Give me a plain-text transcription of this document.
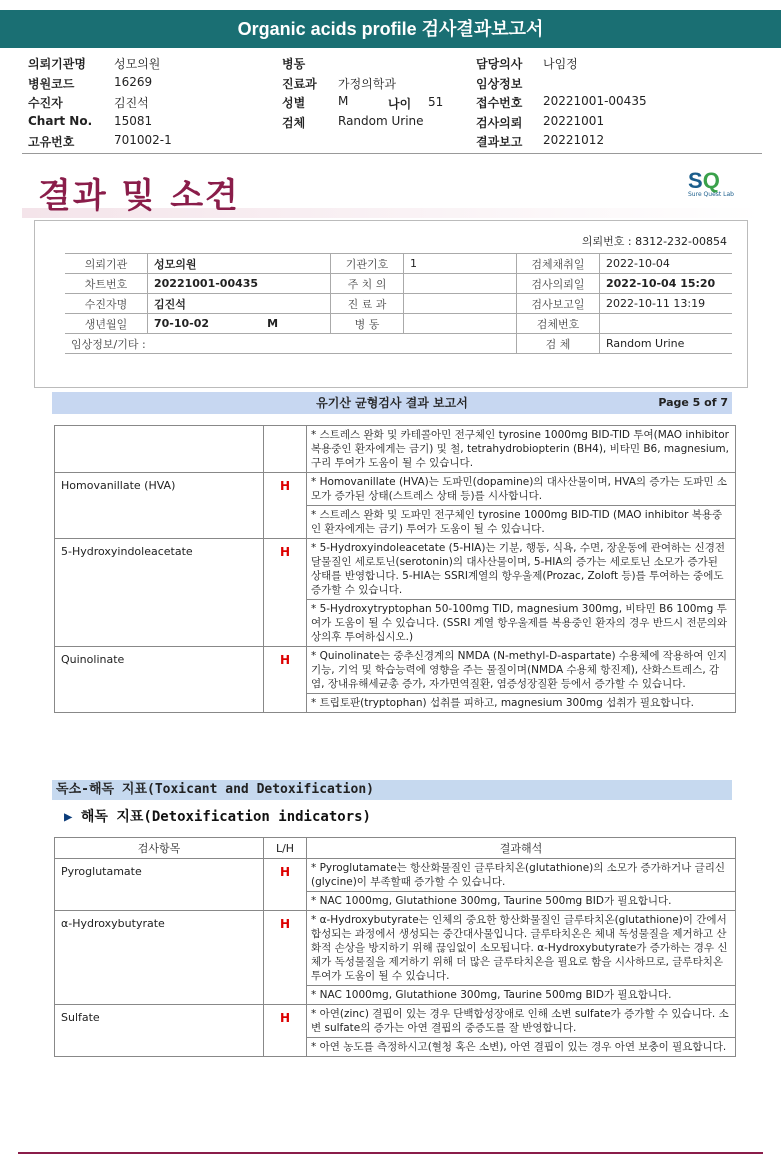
Organic acids profile 검사결과보고서
의뢰기관명 성모의원
병원코드	16269
수진자	김진석
Chart No. 15081
고유번호	701002-1
병동
진료과 가정의학과
성별	M
검체	Random Urine
담당의사 나임정
임상정보
접수번호 20221001-00435
검사의뢰 20221001
결과보고 20221012
나이 51
결과 및 소견	SQ
Sure Quest Lab
의뢰번호 : 8312-232-00854
의뢰기관	성모의원	기관기호	1	검체채취일	2022-10-04
차트번호	20221001-00435	주 치 의		검사의뢰일	2022-10-04 15:20
수진자명	김진석	진 료 과		검사보고일	2022-10-11 13:19
생년월일	70-10-02 M	병 동		검체번호	
임상정보/기타 :				검 체	Random Urine
유기산 균형검사 결과 보고서	Page 5 of 7

		* 스트레스 완화 및 카테콜아민 전구체인 tyrosine 1000mg BID-TID 투여(MAO inhibitor 복용중인 환자에게는 금기) 및 철, tetrahydrobiopterin (BH4), 비타민 B6, magnesium, 구리 투여가 도움이 될 수 있습니다.

Homovanillate (HVA)	H	* Homovanillate (HVA)는 도파민(dopamine)의 대사산물이며, HVA의 증가는 도파민 소모가 증가된 상태(스트레스 상태 등)를 시사합니다.
* 스트레스 완화 및 도파민 전구체인 tyrosine 1000mg BID-TID (MAO inhibitor 복용중인 환자에게는 금기) 투여가 도움이 될 수 있습니다.

5-Hydroxyindoleacetate	H	* 5-Hydroxyindoleacetate (5-HIA)는 기분, 행동, 식욕, 수면, 장운동에 관여하는 신경전달물질인 세로토닌(serotonin)의 대사산물이며, 5-HIA의 증가는 세로토닌 소모가 증가된 상태를 반영합니다. 5-HIA는 SSRI계열의 항우울제(Prozac, Zoloft 등)를 투여하는 중에도 증가할 수 있습니다.
* 5-Hydroxytryptophan 50-100mg TID, magnesium 300mg, 비타민 B6 100mg 투여가 도움이 될 수 있습니다. (SSRI 계열 항우울제를 복용중인 환자의 경우 반드시 전문의와 상의후 투여하십시오.)

Quinolinate	H	* Quinolinate는 중추신경계의 NMDA (N-methyl-D-aspartate) 수용체에 작용하여 인지기능, 기억 및 학습능력에 영향을 주는 물질이며(NMDA 수용체 항진제), 산화스트레스, 감염, 장내유해세균총 증가, 자가면역질환, 염증성장질환 등에서 증가할 수 있습니다.
* 트립토판(tryptophan) 섭취를 피하고, magnesium 300mg 섭취가 필요합니다.
독소-해독 지표(Toxicant and Detoxification)
▶ 해독 지표(Detoxification indicators)
검사항목	L/H	결과해석
Pyroglutamate	H	* Pyroglutamate는 항산화물질인 글루타치온(glutathione)의 소모가 증가하거나 글리신(glycine)이 부족할때 증가할 수 있습니다.
* NAC 1000mg, Glutathione 300mg, Taurine 500mg BID가 필요합니다.

α-Hydroxybutyrate	H	* α-Hydroxybutyrate는 인체의 중요한 항산화물질인 글루타치온(glutathione)이 간에서 합성되는 과정에서 생성되는 중간대사물입니다. 글루타치온은 체내 독성물질을 제거하고 산화적 손상을 방지하기 위해 끊임없이 소모됩니다. α-Hydroxybutyrate가 증가하는 경우 신체가 독성물질을 제거하기 위해 더 많은 글루타치온을 필요로 함을 시사하므로, 글루타치온 투여가 도움이 될 수 있습니다.
* NAC 1000mg, Glutathione 300mg, Taurine 500mg BID가 필요합니다.

Sulfate	H	* 아연(zinc) 결핍이 있는 경우 단백합성장애로 인해 소변 sulfate가 증가할 수 있습니다. 소변 sulfate의 증가는 아연 결핍의 중증도를 잘 반영합니다.
* 아연 농도를 측정하시고(혈청 혹은 소변), 아연 결핍이 있는 경우 아연 보충이 필요합니다.
